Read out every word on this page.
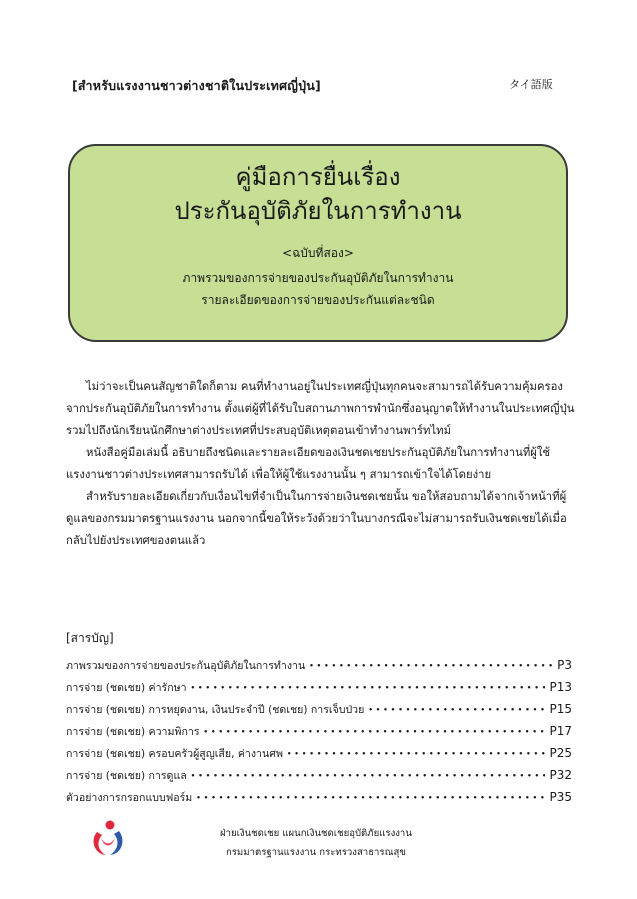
[สำหรับแรงงานชาวต่างชาติในประเทศญี่ปุ่น]	タイ語版

คู่มือการยื่นเรื่อง

ประกันอุบัติภัยในการทำงาน

<ฉบับที่สอง>
ภาพรวมของการจ่ายของประกันอุบัติภัยในการทำงาน
รายละเอียดของการจ่ายของประกันแต่ละชนิด

ไม่ว่าจะเป็นคนสัญชาติใดก็ตาม คนที่ทำงานอยู่ในประเทศญี่ปุ่นทุกคนจะสามารถได้รับความคุ้มครองจากประกันอุบัติภัยในการทำงาน ตั้งแต่ผู้ที่ได้รับใบสถานภาพการพำนักซึ่งอนุญาตให้ทำงานในประเทศญี่ปุ่น รวมไปถึงนักเรียนนักศึกษาต่างประเทศที่ประสบอุบัติเหตุตอนเข้าทำงานพาร์ทไทม์

หนังสือคู่มือเล่มนี้ อธิบายถึงชนิดและรายละเอียดของเงินชดเชยประกันอุบัติภัยในการทำงานที่ผู้ใช้แรงงานชาวต่างประเทศสามารถรับได้ เพื่อให้ผู้ใช้แรงงานนั้น ๆ สามารถเข้าใจได้โดยง่าย

สำหรับรายละเอียดเกี่ยวกับเงื่อนไขที่จำเป็นในการจ่ายเงินชดเชยนั้น ขอให้สอบถามได้จากเจ้าหน้าที่ผู้ดูแลของกรมมาตรฐานแรงงาน นอกจากนี้ขอให้ระวังด้วยว่าในบางกรณีจะไม่สามารถรับเงินชดเชยได้เมื่อกลับไปยังประเทศของตนแล้ว

[สารบัญ]
ภาพรวมของการจ่ายของประกันอุบัติภัยในการทำงาน •••••	P3
การจ่าย (ชดเชย) ค่ารักษา •••••	P13
การจ่าย (ชดเชย) การหยุดงาน, เงินประจำปี (ชดเชย) การเจ็บป่วย •••••	P15
การจ่าย (ชดเชย) ความพิการ •••••	P17
การจ่าย (ชดเชย) ครอบครัวผู้สูญเสีย, ค่างานศพ •••••	P25
การจ่าย (ชดเชย) การดูแล •••••	P32
ตัวอย่างการกรอกแบบฟอร์ม •••••	P35
ฝ่ายเงินชดเชย แผนกเงินชดเชยอุบัติภัยแรงงาน
กรมมาตรฐานแรงงาน กระทรวงสาธารณสุข
